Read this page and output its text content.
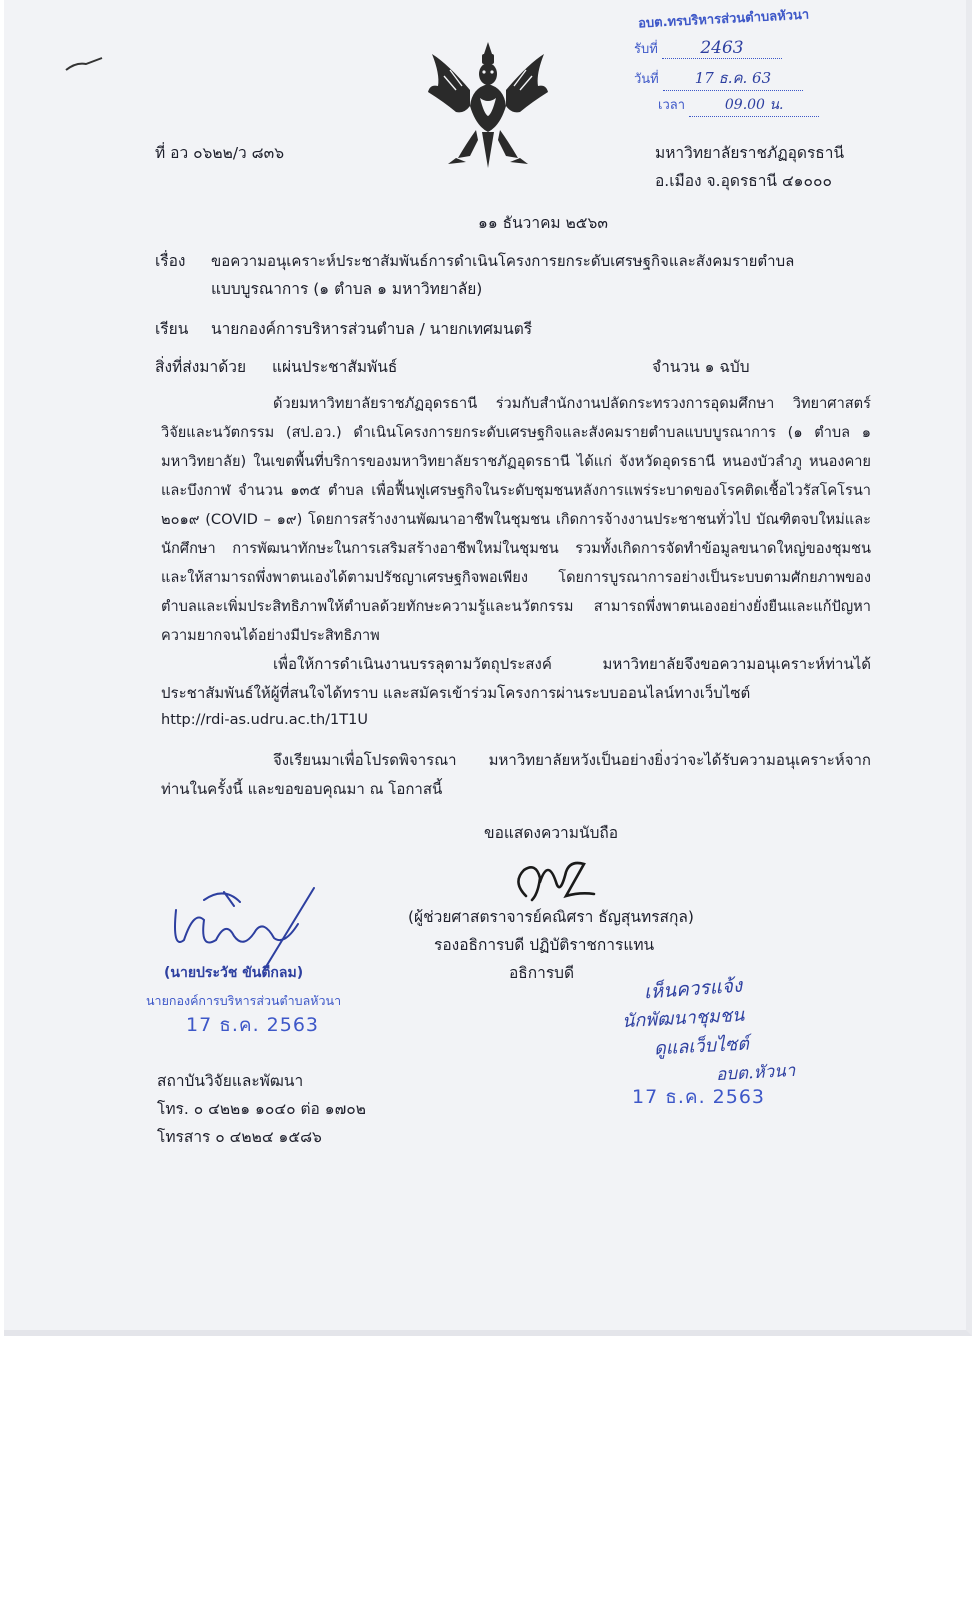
อบต.ทรบริหารส่วนตำบลหัวนา
รับที่	2463
วันที่ 17 ธ.ค. 63
เวลา	09.00 น.
ที่ อว ๐๖๒๒/ว ๘๓๖	มหาวิทยาลัยราชภัฏอุดรธานี
อ.เมือง จ.อุดรธานี ๔๑๐๐๐
๑๑ ธันวาคม ๒๕๖๓
เรื่อง ขอความอนุเคราะห์ประชาสัมพันธ์การดำเนินโครงการยกระดับเศรษฐกิจและสังคมรายตำบล
แบบบูรณาการ (๑ ตำบล ๑ มหาวิทยาลัย)
เรียน นายกองค์การบริหารส่วนตำบล / นายกเทศมนตรี
สิ่งที่ส่งมาด้วย แผ่นประชาสัมพันธ์	จำนวน ๑ ฉบับ
ด้วยมหาวิทยาลัยราชภัฏอุดรธานี ร่วมกับสำนักงานปลัดกระทรวงการอุดมศึกษา วิทยาศาสตร์ วิจัยและนวัตกรรม (สป.อว.) ดำเนินโครงการยกระดับเศรษฐกิจและสังคมรายตำบลแบบบูรณาการ (๑ ตำบล ๑ มหาวิทยาลัย) ในเขตพื้นที่บริการของมหาวิทยาลัยราชภัฏอุดรธานี ได้แก่ จังหวัดอุดรธานี หนองบัวลำภู หนองคายและบึงกาฬ จำนวน ๑๓๕ ตำบล เพื่อฟื้นฟูเศรษฐกิจในระดับชุมชนหลังการแพร่ระบาดของโรคติดเชื้อไวรัสโคโรนา ๒๐๑๙ (COVID – ๑๙) โดยการสร้างงานพัฒนาอาชีพในชุมชน เกิดการจ้างงานประชาชนทั่วไป บัณฑิตจบใหม่และนักศึกษา การพัฒนาทักษะในการเสริมสร้างอาชีพใหม่ในชุมชน รวมทั้งเกิดการจัดทำข้อมูลขนาดใหญ่ของชุมชนและให้สามารถพึ่งพาตนเองได้ตามปรัชญาเศรษฐกิจพอเพียง โดยการบูรณาการอย่างเป็นระบบตามศักยภาพของตำบลและเพิ่มประสิทธิภาพให้ตำบลด้วยทักษะความรู้และนวัตกรรม สามารถพึ่งพาตนเองอย่างยั่งยืนและแก้ปัญหาความยากจนได้อย่างมีประสิทธิภาพ
เพื่อให้การดำเนินงานบรรลุตามวัตถุประสงค์ มหาวิทยาลัยจึงขอความอนุเคราะห์ท่านได้ประชาสัมพันธ์ให้ผู้ที่สนใจได้ทราบ และสมัครเข้าร่วมโครงการผ่านระบบออนไลน์ทางเว็บไซต์
http://rdi-as.udru.ac.th/1T1U
จึงเรียนมาเพื่อโปรดพิจารณา มหาวิทยาลัยหวังเป็นอย่างยิ่งว่าจะได้รับความอนุเคราะห์จากท่านในครั้งนี้ และขอขอบคุณมา ณ โอกาสนี้
ขอแสดงความนับถือ
(ผู้ช่วยศาสตราจารย์คณิศรา ธัญสุนทรสกุล)
รองอธิการบดี ปฏิบัติราชการแทน
อธิการบดี
(นายประวัช ขันตีกลม)
นายกองค์การบริหารส่วนตำบลหัวนา
17 ธ.ค. 2563
เห็นควรแจ้ง
นักพัฒนาชุมชน
ดูแลเว็บไซต์
อบต.หัวนา
17 ธ.ค. 2563
สถาบันวิจัยและพัฒนา
โทร. ๐ ๔๒๒๑ ๑๐๔๐ ต่อ ๑๗๐๒
โทรสาร ๐ ๔๒๒๔ ๑๕๘๖
